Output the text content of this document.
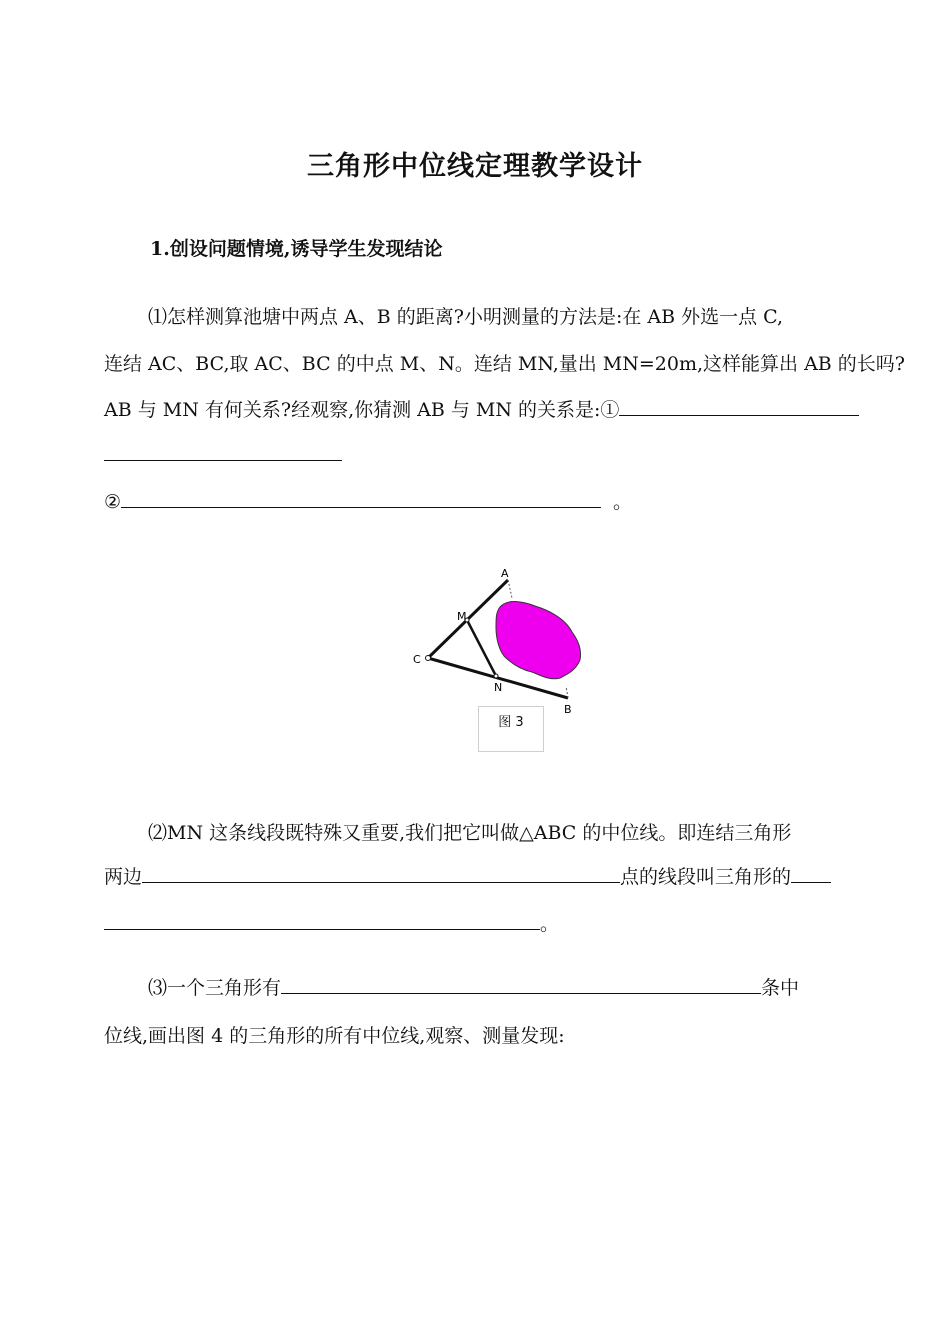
三角形中位线定理教学设计
1.创设问题情境,诱导学生发现结论
⑴怎样测算池塘中两点 A、B 的距离?小明测量的方法是:在 AB 外选一点 C,
连结 AC、BC,取 AC、BC 的中点 M、N。连结 MN,量出 MN=20m,这样能算出 AB 的长吗?
AB 与 MN 有何关系?经观察,你猜测 AB 与 MN 的关系是:①
②	。
A
M
C
N
B
图 3
⑵MN 这条线段既特殊又重要,我们把它叫做△ABC 的中位线。即连结三角形
两边	点的线段叫三角形的
。
⑶一个三角形有	条中
位线,画出图 4 的三角形的所有中位线,观察、测量发现:
